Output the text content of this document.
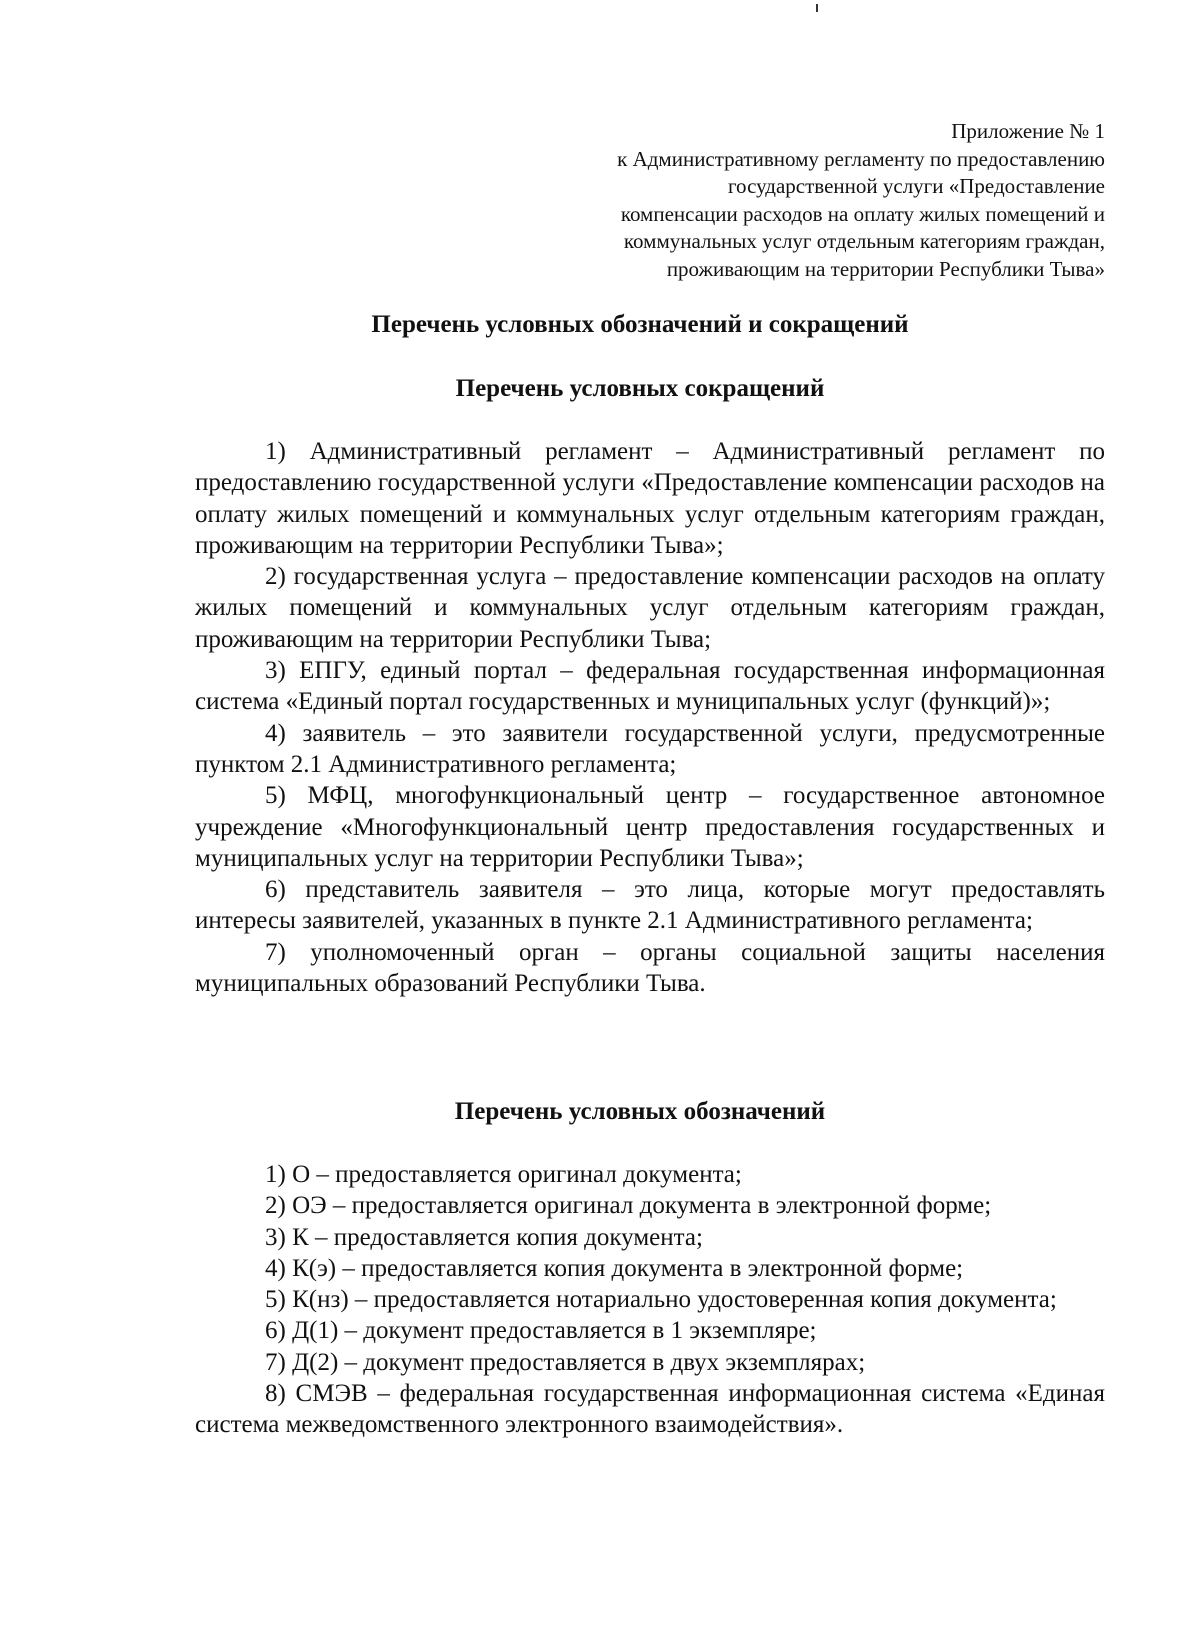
Приложение № 1
к Административному регламенту по предоставлению
государственной услуги «Предоставление
компенсации расходов на оплату жилых помещений и
коммунальных услуг отдельным категориям граждан,
проживающим на территории Республики Тыва»
Перечень условных обозначений и сокращений
Перечень условных сокращений

1) Административный регламент – Административный регламент по предоставлению государственной услуги «Предоставление компенсации расходов на оплату жилых помещений и коммунальных услуг отдельным категориям граждан, проживающим на территории Республики Тыва»;

2) государственная услуга – предоставление компенсации расходов на оплату жилых помещений и коммунальных услуг отдельным категориям граждан, проживающим на территории Республики Тыва;

3) ЕПГУ, единый портал – федеральная государственная информационная система «Единый портал государственных и муниципальных услуг (функций)»;

4) заявитель – это заявители государственной услуги, предусмотренные пунктом 2.1 Административного регламента;

5) МФЦ, многофункциональный центр – государственное автономное учреждение «Многофункциональный центр предоставления государственных и муниципальных услуг на территории Республики Тыва»;

6) представитель заявителя – это лица, которые могут предоставлять интересы заявителей, указанных в пункте 2.1 Административного регламента;

7) уполномоченный орган – органы социальной защиты населения муниципальных образований Республики Тыва.

Перечень условных обозначений

1) О – предоставляется оригинал документа;

2) ОЭ – предоставляется оригинал документа в электронной форме;

3) К – предоставляется копия документа;

4) К(э) – предоставляется копия документа в электронной форме;

5) К(нз) – предоставляется нотариально удостоверенная копия документа;

6) Д(1) – документ предоставляется в 1 экземпляре;

7) Д(2) – документ предоставляется в двух экземплярах;

8) СМЭВ – федеральная государственная информационная система «Единая система межведомственного электронного взаимодействия».
